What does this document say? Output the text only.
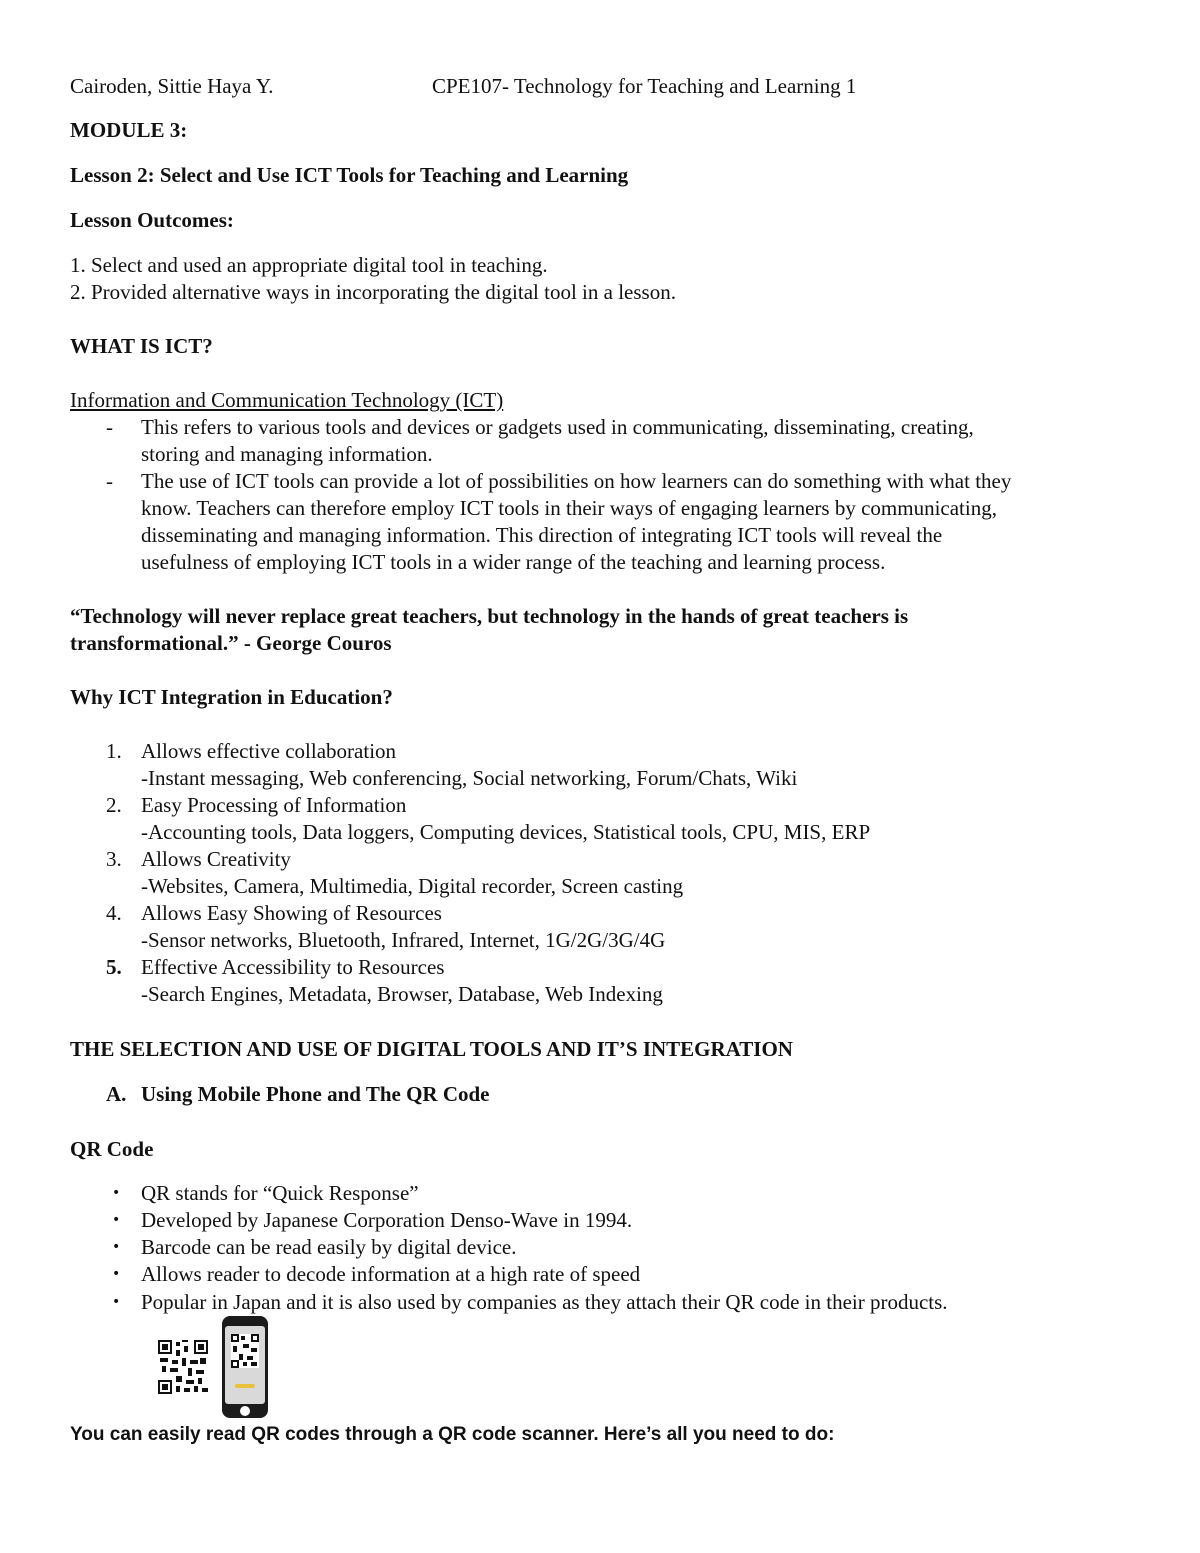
Cairoden, Sittie Haya Y.	CPE107- Technology for Teaching and Learning 1
MODULE 3:
Lesson 2: Select and Use ICT Tools for Teaching and Learning
Lesson Outcomes:
1. Select and used an appropriate digital tool in teaching.
2. Provided alternative ways in incorporating the digital tool in a lesson.
WHAT IS ICT?
Information and Communication Technology (ICT)
- This refers to various tools and devices or gadgets used in communicating, disseminating, creating,
storing and managing information.
- The use of ICT tools can provide a lot of possibilities on how learners can do something with what they
know. Teachers can therefore employ ICT tools in their ways of engaging learners by communicating,
disseminating and managing information. This direction of integrating ICT tools will reveal the
usefulness of employing ICT tools in a wider range of the teaching and learning process.
“Technology will never replace great teachers, but technology in the hands of great teachers is
transformational.” - George Couros
Why ICT Integration in Education?
1. Allows effective collaboration
-Instant messaging, Web conferencing, Social networking, Forum/Chats, Wiki
2. Easy Processing of Information
-Accounting tools, Data loggers, Computing devices, Statistical tools, CPU, MIS, ERP
3. Allows Creativity
-Websites, Camera, Multimedia, Digital recorder, Screen casting
4. Allows Easy Showing of Resources
-Sensor networks, Bluetooth, Infrared, Internet, 1G/2G/3G/4G
5. Effective Accessibility to Resources
-Search Engines, Metadata, Browser, Database, Web Indexing
THE SELECTION AND USE OF DIGITAL TOOLS AND IT’S INTEGRATION
A. Using Mobile Phone and The QR Code
QR Code
• QR stands for “Quick Response”
• Developed by Japanese Corporation Denso-Wave in 1994.
• Barcode can be read easily by digital device.
• Allows reader to decode information at a high rate of speed
• Popular in Japan and it is also used by companies as they attach their QR code in their products.
You can easily read QR codes through a QR code scanner. Here’s all you need to do:
